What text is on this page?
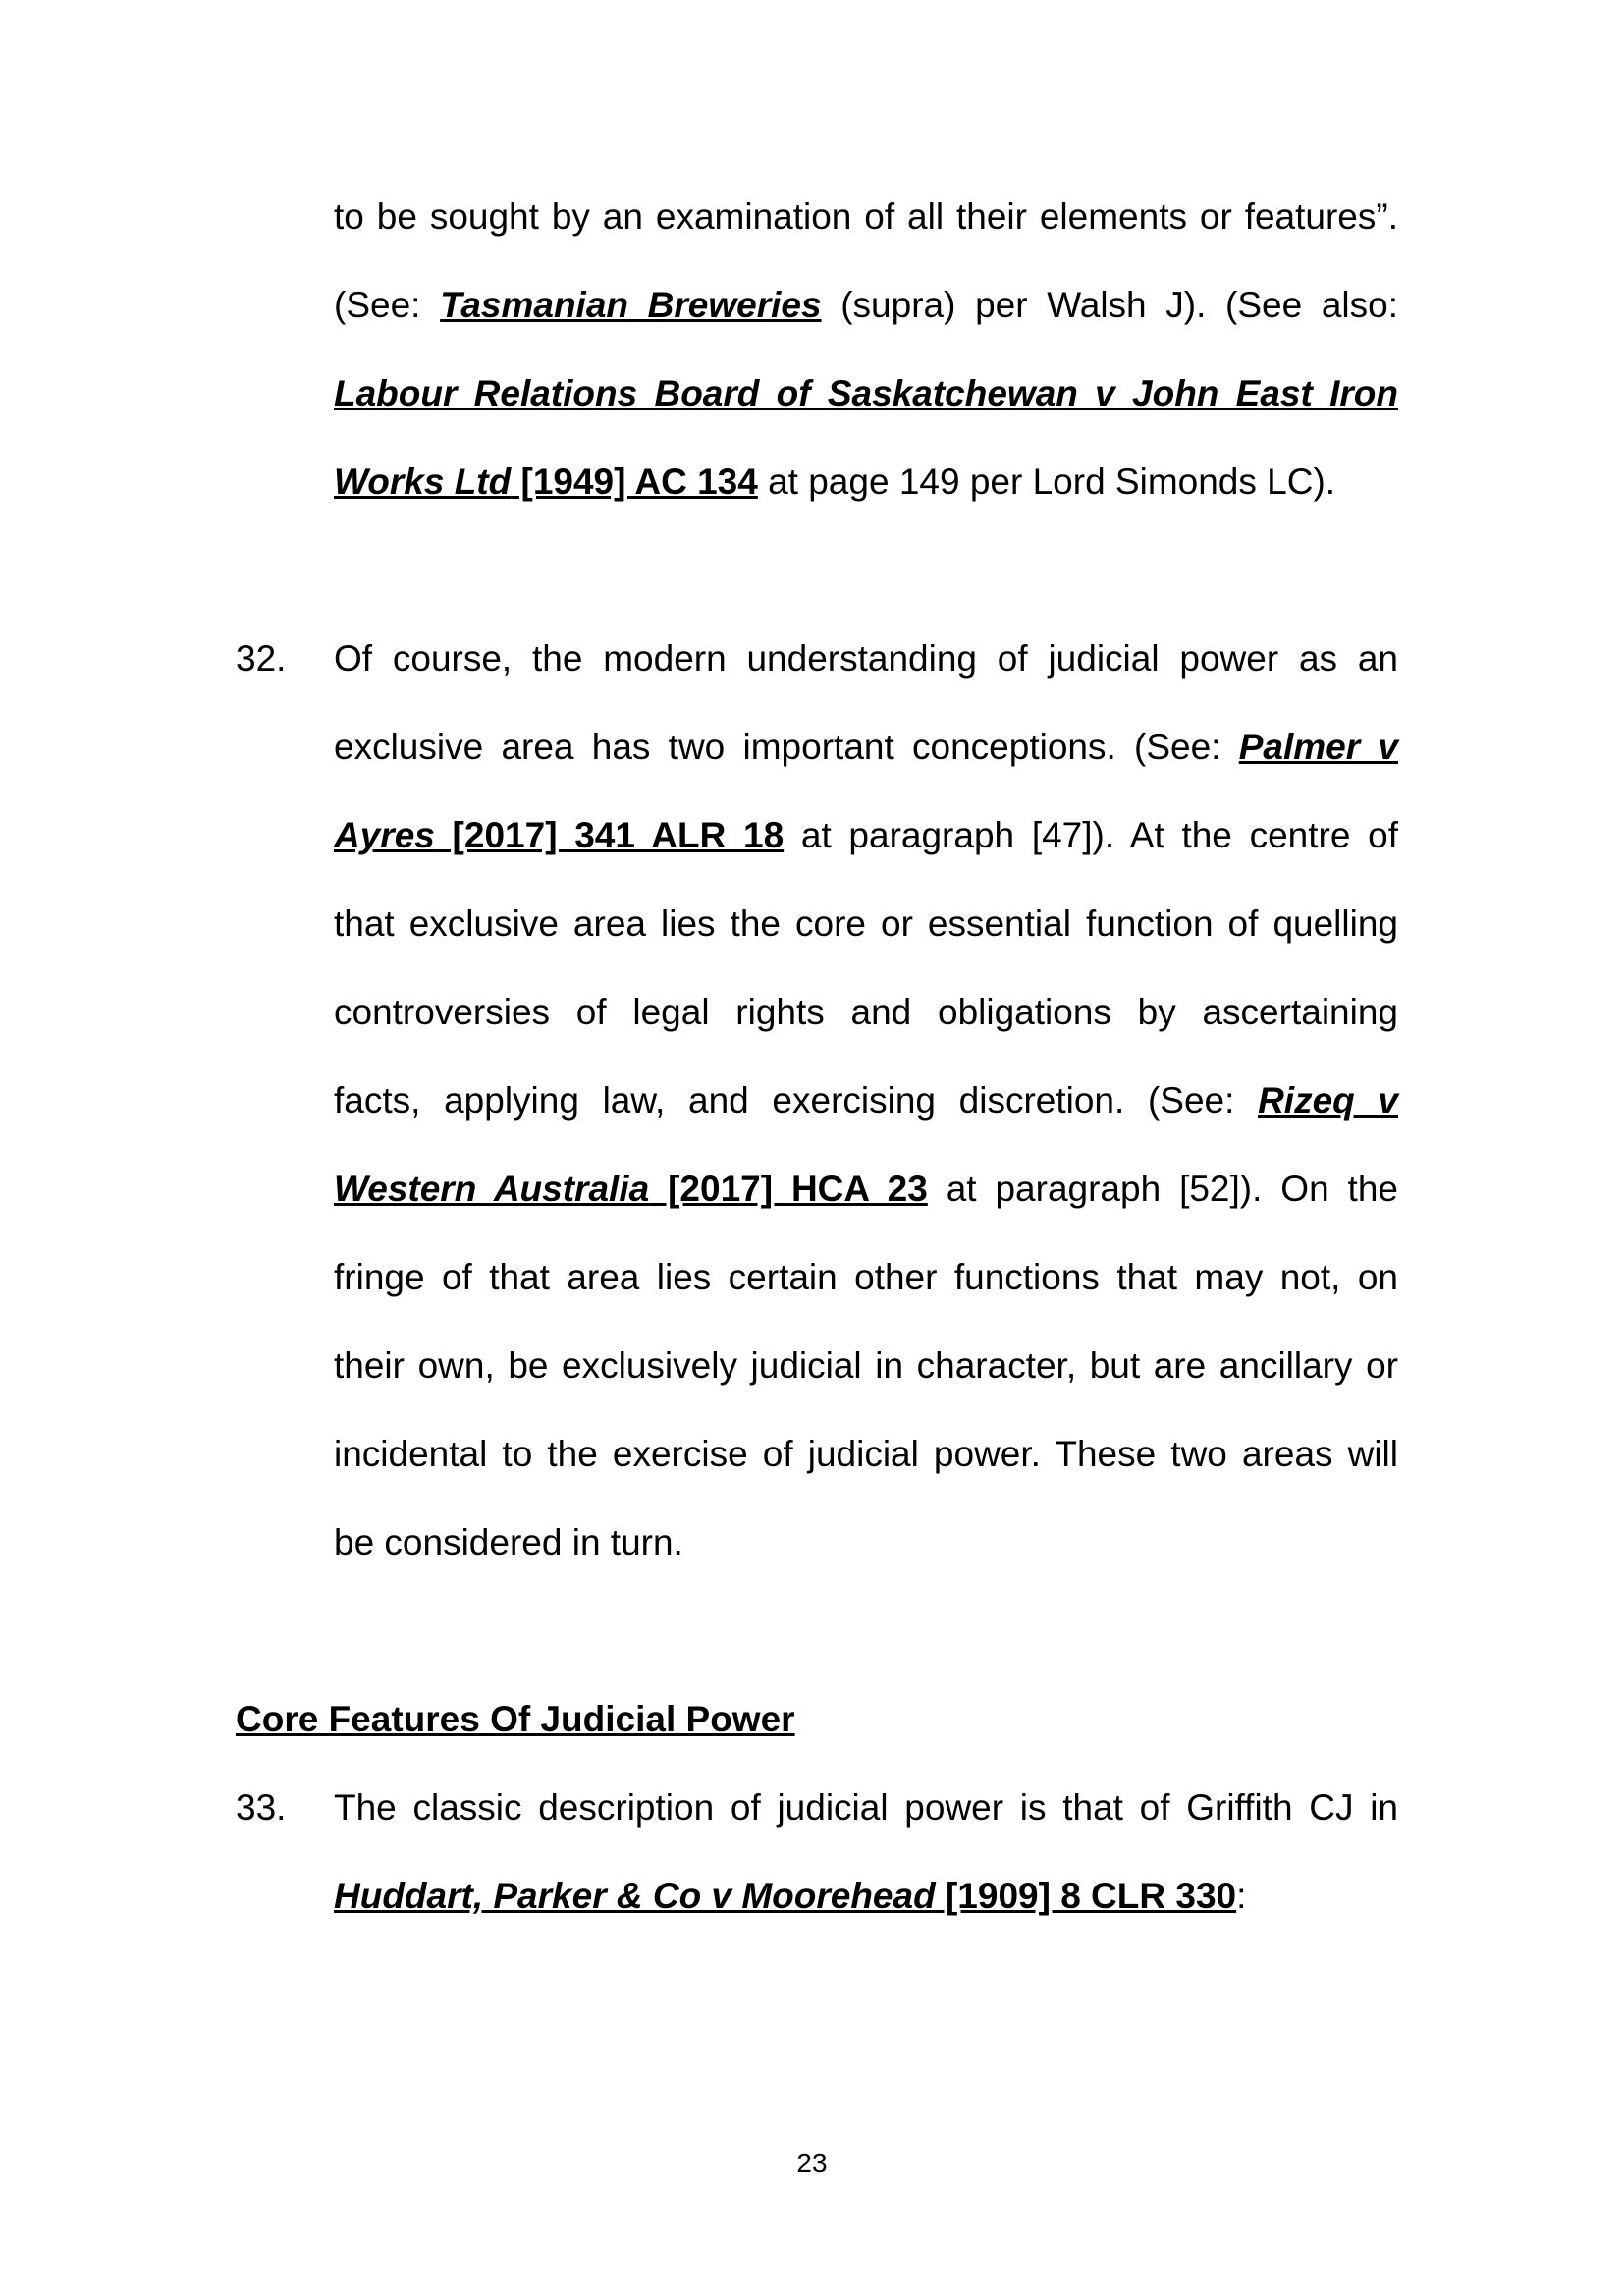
to be sought by an examination of all their elements or features”.
(See: Tasmanian Breweries (supra) per Walsh J). (See also:
Labour Relations Board of Saskatchewan v John East Iron
Works Ltd [1949] AC 134 at page 149 per Lord Simonds LC).
32. Of course, the modern understanding of judicial power as an
exclusive area has two important conceptions. (See: Palmer v
Ayres [2017] 341 ALR 18 at paragraph [47]). At the centre of
that exclusive area lies the core or essential function of quelling
controversies of legal rights and obligations by ascertaining
facts, applying law, and exercising discretion. (See: Rizeq v
Western Australia [2017] HCA 23 at paragraph [52]). On the
fringe of that area lies certain other functions that may not, on
their own, be exclusively judicial in character, but are ancillary or
incidental to the exercise of judicial power. These two areas will
be considered in turn.
Core Features Of Judicial Power
33. The classic description of judicial power is that of Griffith CJ in
Huddart, Parker & Co v Moorehead [1909] 8 CLR 330:
23
